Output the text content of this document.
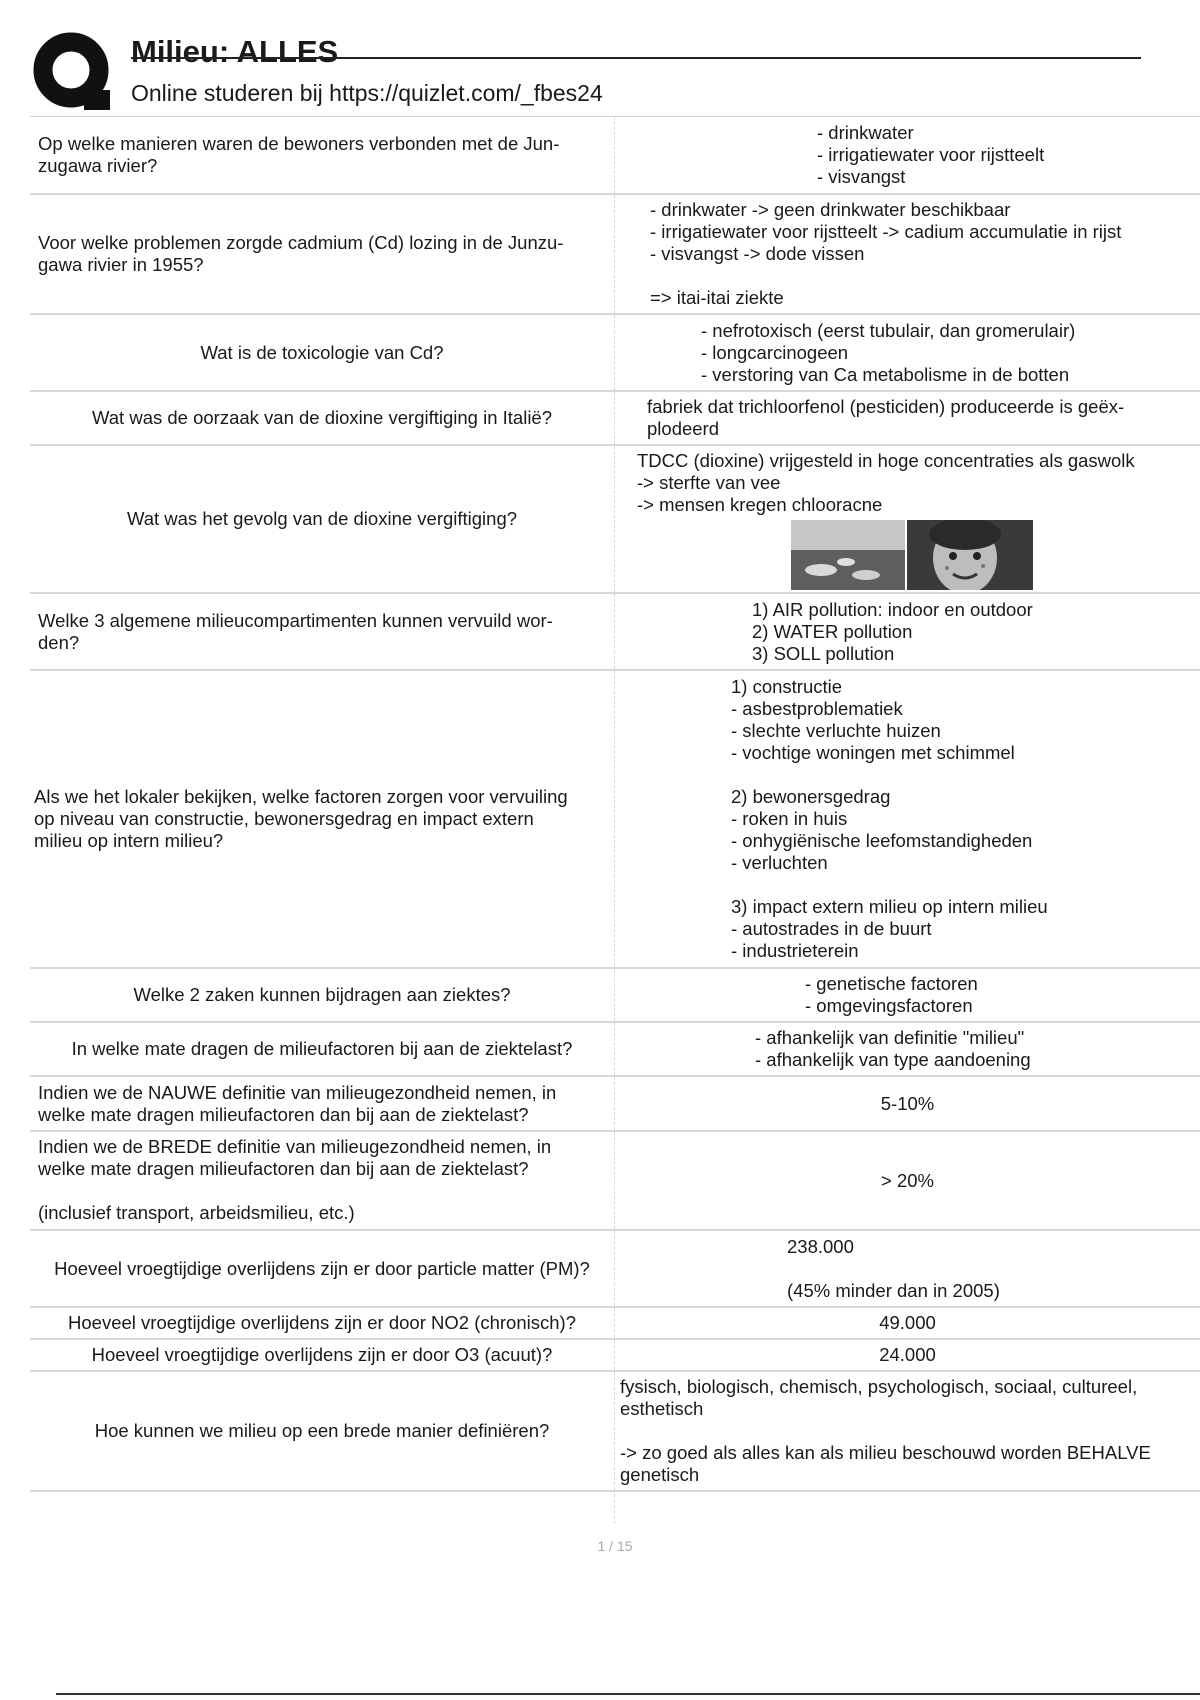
Milieu: ALLES
Online studeren bij https://quizlet.com/_fbes24
Op welke manieren waren de bewoners verbonden met de Jun-
zugawa rivier?
- drinkwater
- irrigatiewater voor rijstteelt
- visvangst
Voor welke problemen zorgde cadmium (Cd) lozing in de Junzu-
gawa rivier in 1955?
- drinkwater -> geen drinkwater beschikbaar
- irrigatiewater voor rijstteelt -> cadium accumulatie in rijst
- visvangst -> dode vissen

=> itai-itai ziekte
Wat is de toxicologie van Cd?
- nefrotoxisch (eerst tubulair, dan gromerulair)
- longcarcinogeen
- verstoring van Ca metabolisme in de botten
Wat was de oorzaak van de dioxine vergiftiging in Italië?
fabriek dat trichloorfenol (pesticiden) produceerde is geëx-
plodeerd
Wat was het gevolg van de dioxine vergiftiging?
TDCC (dioxine) vrijgesteld in hoge concentraties als gaswolk
-> sterfte van vee
-> mensen kregen chlooracne
Welke 3 algemene milieucompartimenten kunnen vervuild wor-
den?
1) AIR pollution: indoor en outdoor
2) WATER pollution
3) SOLL pollution
Als we het lokaler bekijken, welke factoren zorgen voor vervuiling
op niveau van constructie, bewonersgedrag en impact extern
milieu op intern milieu?
1) constructie
- asbestproblematiek
- slechte verluchte huizen
- vochtige woningen met schimmel

2) bewonersgedrag
- roken in huis
- onhygiënische leefomstandigheden
- verluchten

3) impact extern milieu op intern milieu
- autostrades in de buurt
- industrieterein
Welke 2 zaken kunnen bijdragen aan ziektes?
- genetische factoren
- omgevingsfactoren
In welke mate dragen de milieufactoren bij aan de ziektelast?
- afhankelijk van definitie "milieu"
- afhankelijk van type aandoening
Indien we de NAUWE definitie van milieugezondheid nemen, in
welke mate dragen milieufactoren dan bij aan de ziektelast?
5-10%
Indien we de BREDE definitie van milieugezondheid nemen, in
welke mate dragen milieufactoren dan bij aan de ziektelast?

(inclusief transport, arbeidsmilieu, etc.)
> 20%
Hoeveel vroegtijdige overlijdens zijn er door particle matter (PM)?
238.000

(45% minder dan in 2005)
Hoeveel vroegtijdige overlijdens zijn er door NO2 (chronisch)?	49.000
Hoeveel vroegtijdige overlijdens zijn er door O3 (acuut)?	24.000
Hoe kunnen we milieu op een brede manier definiëren?
fysisch, biologisch, chemisch, psychologisch, sociaal, cultureel,
esthetisch

-> zo goed als alles kan als milieu beschouwd worden BEHALVE
genetisch
1 / 15
